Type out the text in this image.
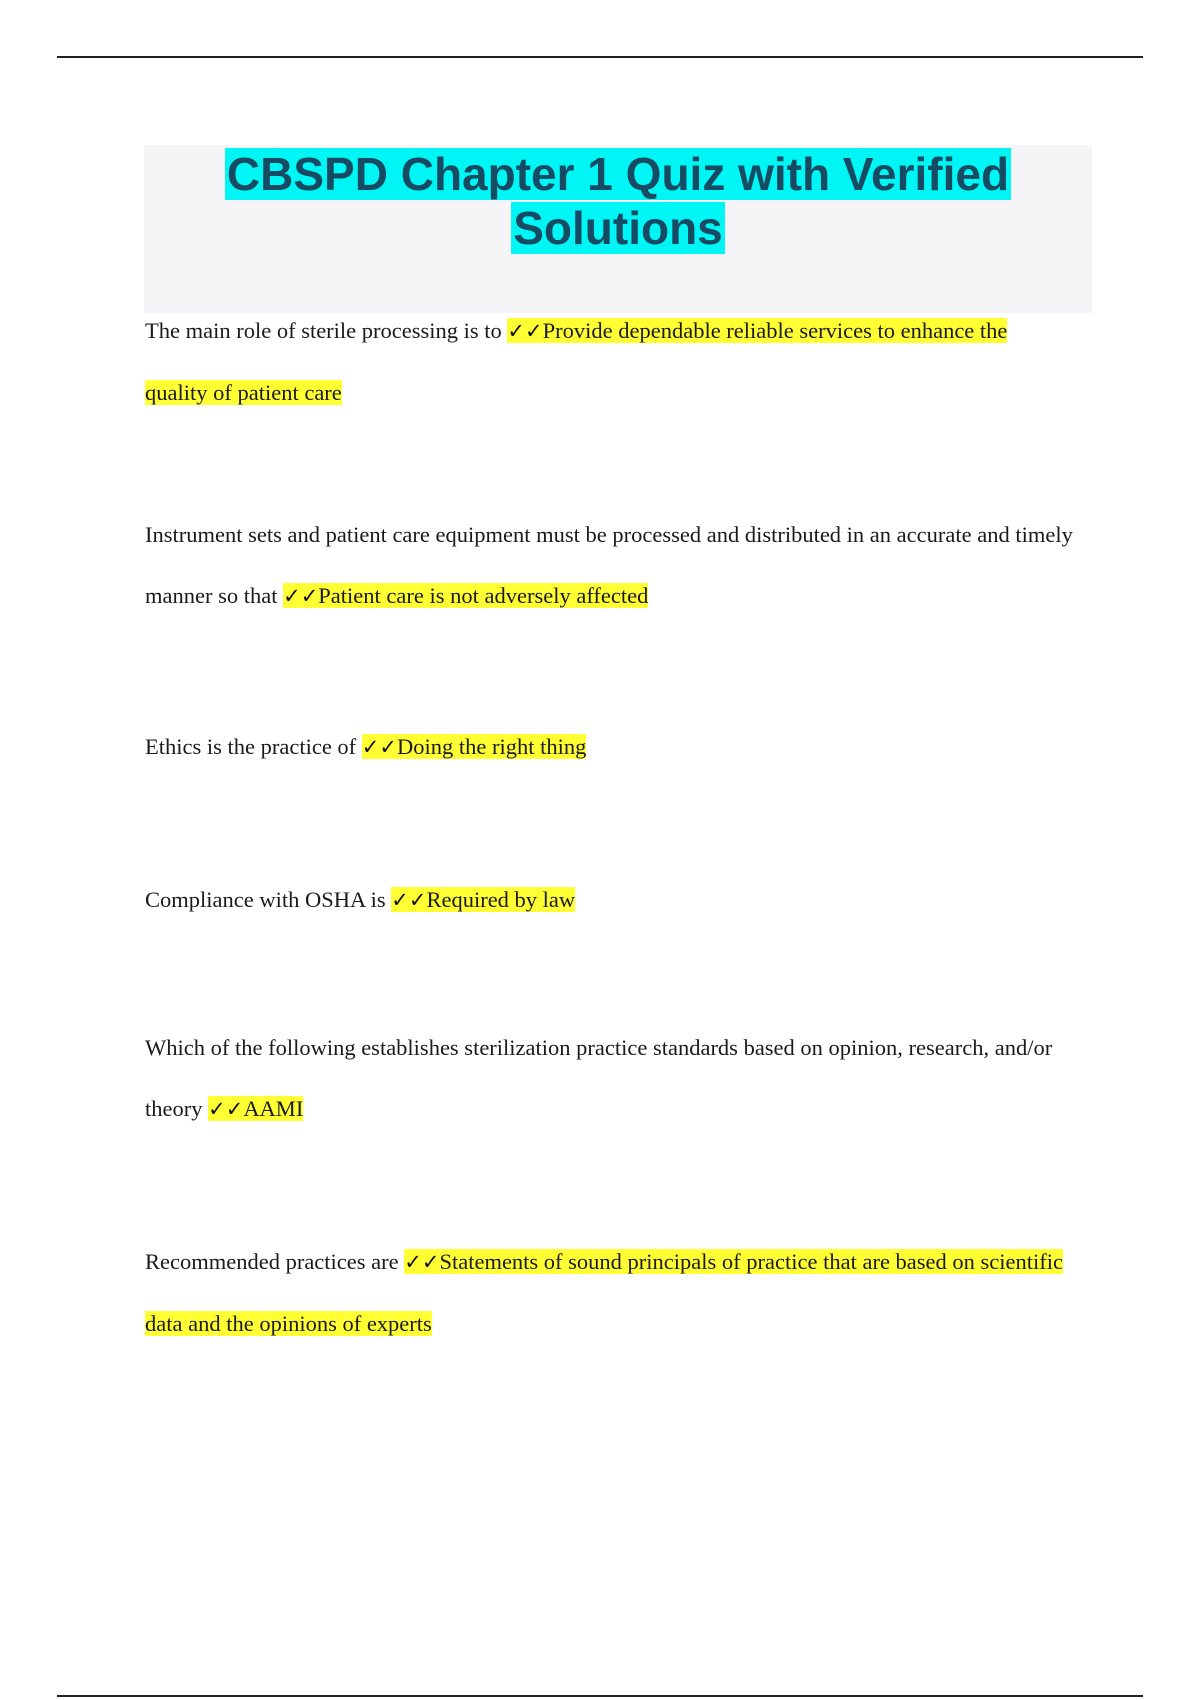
CBSPD Chapter 1 Quiz with Verified Solutions

The main role of sterile processing is to ✓✓Provide dependable reliable services to enhance the quality of patient care

Instrument sets and patient care equipment must be processed and distributed in an accurate and timely manner so that ✓✓Patient care is not adversely affected

Ethics is the practice of ✓✓Doing the right thing

Compliance with OSHA is ✓✓Required by law

Which of the following establishes sterilization practice standards based on opinion, research, and/or theory ✓✓AAMI

Recommended practices are ✓✓Statements of sound principals of practice that are based on scientific data and the opinions of experts
